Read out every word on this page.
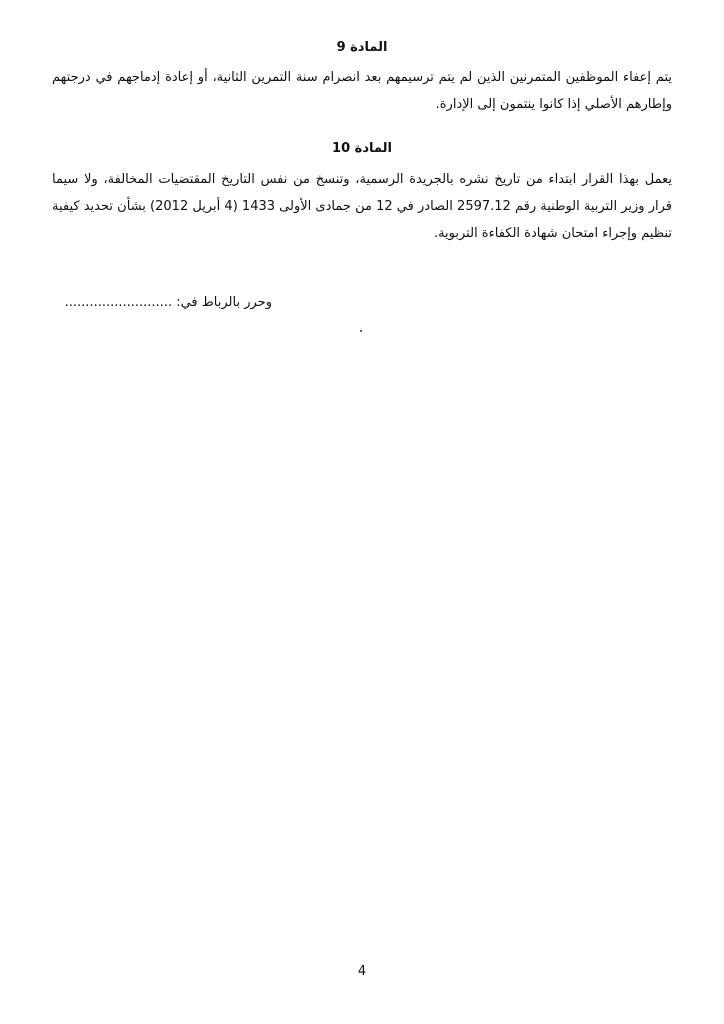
المادة 9
يتم إعفاء الموظفين المتمرنين الذين لم يتم ترسيمهم بعد انصرام سنة التمرين الثانية، أو إعادة إدماجهم في درجتهم
وإطارهم الأصلي إذا كانوا ينتمون إلى الإدارة.
المادة 10
يعمل بهذا القرار ابتداء من تاريخ نشره بالجريدة الرسمية، وتنسخ من نفس التاريخ المقتضيات المخالفة، ولا سيما
قرار وزير التربية الوطنية رقم 2597.12 الصادر في 12 من جمادى الأولى 1433 (4 أبريل 2012) بشأن تحديد كيفية
تنظيم وإجراء امتحان شهادة الكفاءة التربوية.
وحرر بالرباط في: ..........................
4
